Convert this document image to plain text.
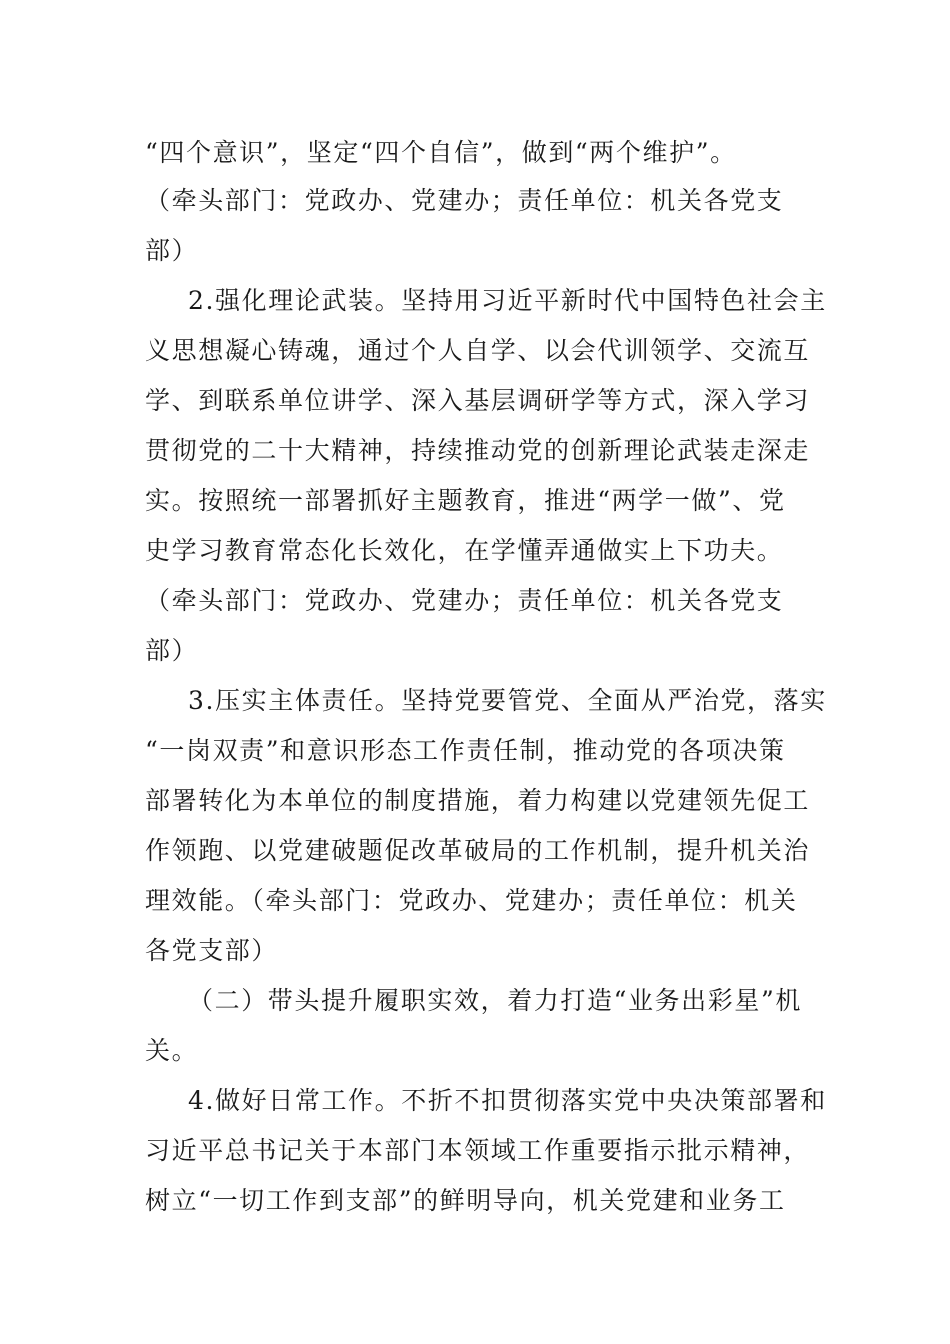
“四个意识”，坚定“四个自信”，做到“两个维护”。
（牵头部门：党政办、党建办；责任单位：机关各党支
部）
2.强化理论武装。坚持用习近平新时代中国特色社会主
义思想凝心铸魂，通过个人自学、以会代训领学、交流互
学、到联系单位讲学、深入基层调研学等方式，深入学习
贯彻党的二十大精神，持续推动党的创新理论武装走深走
实。按照统一部署抓好主题教育，推进“两学一做”、党
史学习教育常态化长效化，在学懂弄通做实上下功夫。
（牵头部门：党政办、党建办；责任单位：机关各党支
部）
3.压实主体责任。坚持党要管党、全面从严治党，落实
“一岗双责”和意识形态工作责任制，推动党的各项决策
部署转化为本单位的制度措施，着力构建以党建领先促工
作领跑、以党建破题促改革破局的工作机制，提升机关治
理效能。（牵头部门：党政办、党建办；责任单位：机关
各党支部）
（二）带头提升履职实效，着力打造“业务出彩星”机
关。
4.做好日常工作。不折不扣贯彻落实党中央决策部署和
习近平总书记关于本部门本领域工作重要指示批示精神，
树立“一切工作到支部”的鲜明导向，机关党建和业务工
